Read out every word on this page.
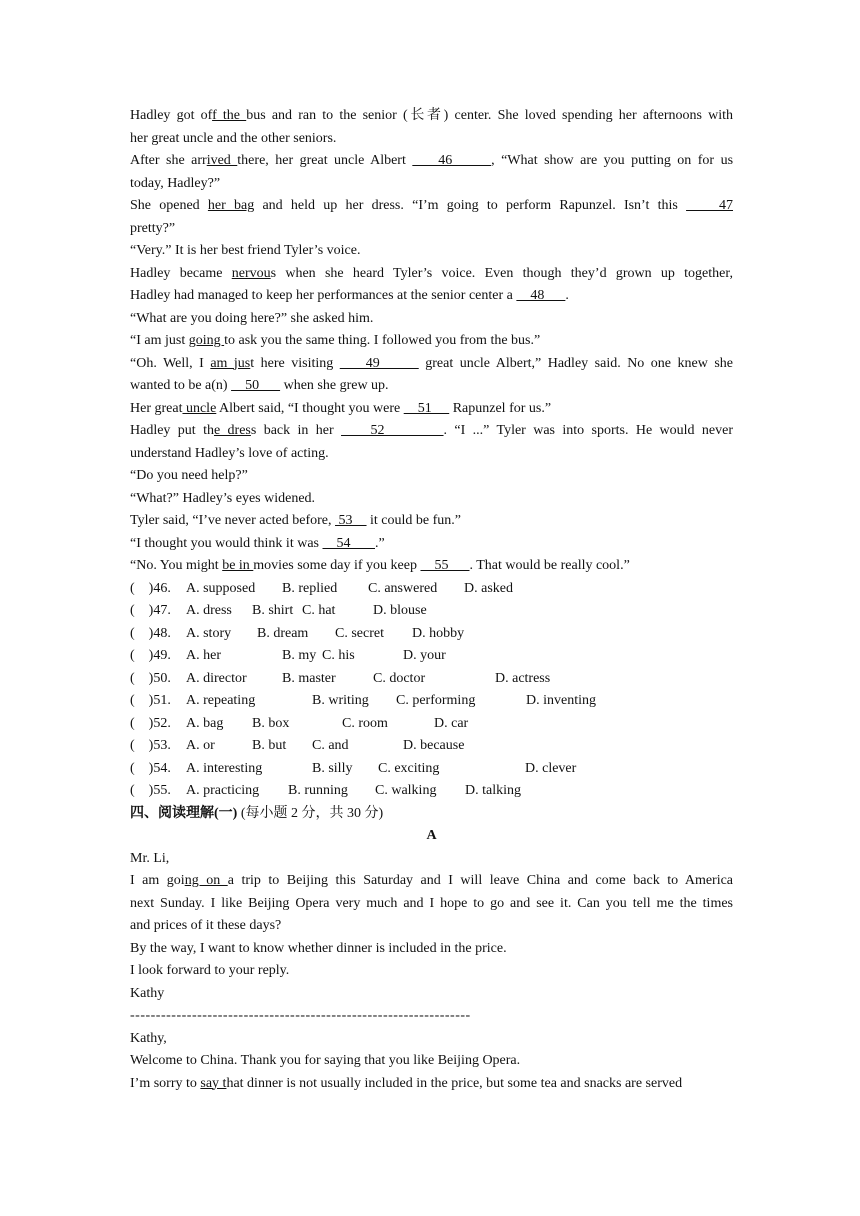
Hadley got off the bus and ran to the senior (长者) center. She loved spending her afternoons with

her great uncle and the other seniors.

After she arrived there, her great uncle Albert     46      , “What show are you putting on for us

today, Hadley?”

She opened her bag and held up her dress. “I’m going to perform Rapunzel. Isn’t this     47

pretty?”

“Very.” It is her best friend Tyler’s voice.

Hadley became nervous when she heard Tyler’s voice. Even though they’d grown up together,

Hadley had managed to keep her performances at the senior center a     48      .

“What are you doing here?” she asked him.

“I am just going to ask you the same thing. I followed you from the bus.”

“Oh. Well, I am just here visiting     49       great uncle Albert,” Hadley said. No one knew she

wanted to be a(n)     50       when she grew up.

Her great uncle Albert said, “I thought you were     51      Rapunzel for us.”

Hadley put the dress back in her     52        . “I ...” Tyler was into sports. He would never

understand Hadley’s love of acting.

“Do you need help?”

“What?” Hadley’s eyes widened.

Tyler said, “I’ve never acted before,  53     it could be fun.”

“I thought you would think it was     54       .”

“No. You might be in movies some day if you keep     55      . That would be really cool.”

(    )46. A. supposed B. replied C. answered D. asked
(    )47. A. dress B. shirt C. hat	D. blouse
(    )48. A. story B. dream C. secret D. hobby
(    )49. A. her	B. my C. his	D. your
(    )50. A. director	B. master	C. doctor	D. actress
(    )51. A. repeating	B. writing C. performing	D. inventing
(    )52. A. bag B. box	C. room	D. car
(    )53. A. or	B. but C. and	D. because
(    )54. A. interesting	B. silly C. exciting	D. clever
(    )55. A. practicing B. running C. walking D. talking

四、阅读理解(一) (每小题 2 分，共 30 分)

A

Mr. Li,

I am going on a trip to Beijing this Saturday and I will leave China and come back to America

next Sunday. I like Beijing Opera very much and I hope to go and see it. Can you tell me the times

and prices of it these days?

By the way, I want to know whether dinner is included in the price.

I look forward to your reply.

Kathy

------------------------------------------------------------------

Kathy,

Welcome to China. Thank you for saying that you like Beijing Opera.

I’m sorry to say that dinner is not usually included in the price, but some tea and snacks are served
